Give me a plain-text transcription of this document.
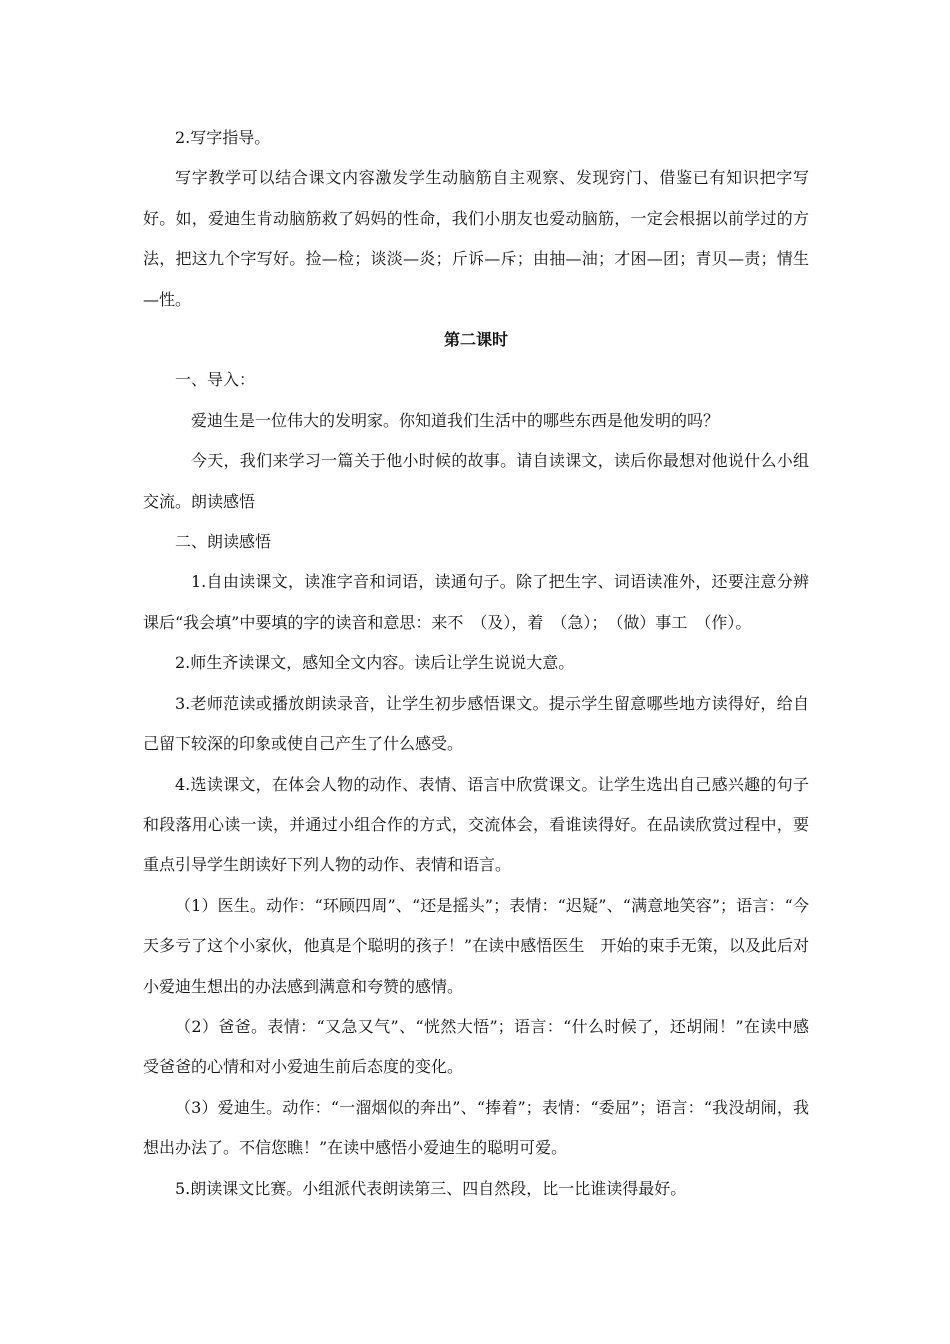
2.写字指导。

写字教学可以结合课文内容激发学生动脑筋自主观察、发现窍门、借鉴已有知识把字写好。如，爱迪生肯动脑筋救了妈妈的性命，我们小朋友也爱动脑筋，一定会根据以前学过的方法，把这九个字写好。捡—检；谈淡—炎；斤诉—斥；由抽—油；才困—团；青贝—责；情生—性。

第二课时

一、导入：

爱迪生是一位伟大的发明家。你知道我们生活中的哪些东西是他发明的吗？

今天，我们来学习一篇关于他小时候的故事。请自读课文，读后你最想对他说什么小组交流。朗读感悟

二、朗读感悟

1.自由读课文，读准字音和词语，读通句子。除了把生字、词语读准外，还要注意分辨课后“我会填”中要填的字的读音和意思：来不　（及），着　（急）；　（做）事工　（作）。

2.师生齐读课文，感知全文内容。读后让学生说说大意。

3.老师范读或播放朗读录音，让学生初步感悟课文。提示学生留意哪些地方读得好，给自己留下较深的印象或使自己产生了什么感受。

4.选读课文，在体会人物的动作、表情、语言中欣赏课文。让学生选出自己感兴趣的句子和段落用心读一读，并通过小组合作的方式，交流体会，看谁读得好。在品读欣赏过程中，要重点引导学生朗读好下列人物的动作、表情和语言。

（1）医生。动作：“环顾四周”、“还是摇头”；表情：“迟疑”、“满意地笑容”；语言：“今天多亏了这个小家伙，他真是个聪明的孩子！”在读中感悟医生　开始的束手无策，以及此后对小爱迪生想出的办法感到满意和夸赞的感情。

（2）爸爸。表情：“又急又气”、“恍然大悟”；语言：“什么时候了，还胡闹！”在读中感受爸爸的心情和对小爱迪生前后态度的变化。

（3）爱迪生。动作：“一溜烟似的奔出”、“捧着”；表情：“委屈”；语言：“我没胡闹，我想出办法了。不信您瞧！”在读中感悟小爱迪生的聪明可爱。

5.朗读课文比赛。小组派代表朗读第三、四自然段，比一比谁读得最好。
